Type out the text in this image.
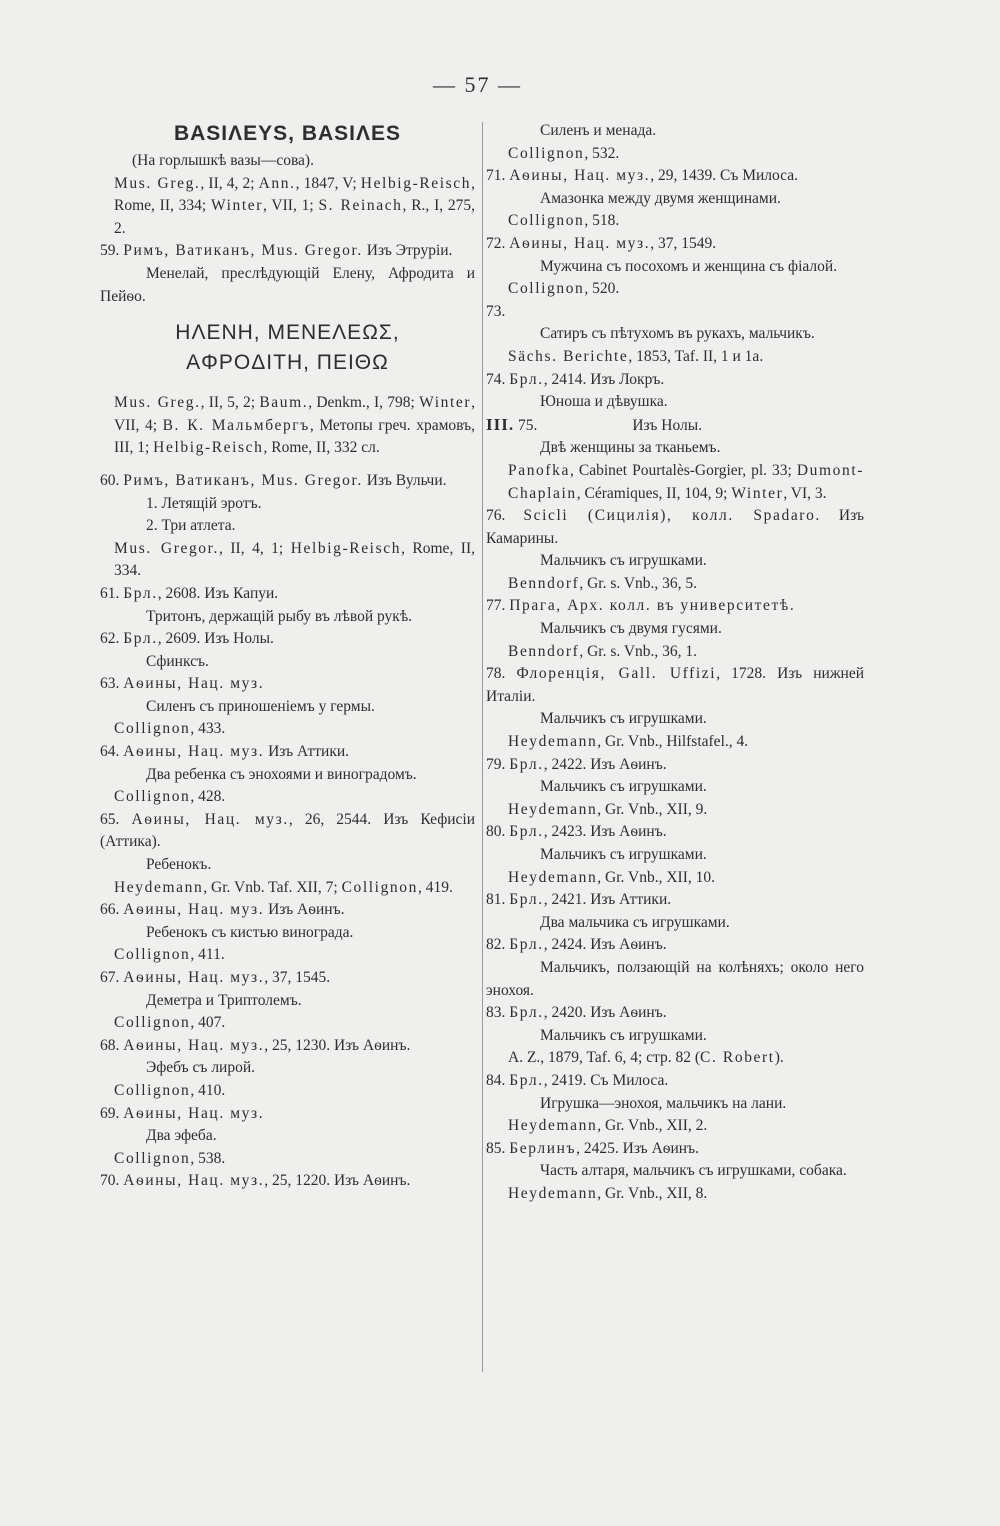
— 57 —

BASIΛEYS, BASIΛES

(На горлышкѣ вазы—сова).

Mus. Greg., II, 4, 2; Ann., 1847, V; Helbig-Reisch, Rome, II, 334; Winter, VII, 1; S. Reinach, R., I, 275, 2.

59. Римъ, Ватиканъ, Mus. Gregor. Изъ Этруріи.

Менелай, преслѣдующій Елену, Афродита и Пейѳо.

HΛENH, MENEΛEΩΣ,
AΦPOΔITH, ΠEIΘΩ

Mus. Greg., II, 5, 2; Baum., Denkm., I, 798; Winter, VII, 4; В. К. Мальмбергъ, Метопы греч. храмовъ, III, 1; Helbig-Reisch, Rome, II, 332 сл.

60. Римъ, Ватиканъ, Mus. Gregor. Изъ Вульчи.

1. Летящій эротъ.

2. Три атлета.

Mus. Gregor., II, 4, 1; Helbig-Reisch, Rome, II, 334.

61. Брл., 2608. Изъ Капуи.

Тритонъ, держащій рыбу въ лѣвой рукѣ.

62. Брл., 2609. Изъ Нолы.

Сфинксъ.

63. Аѳины, Нац. муз.

Силенъ съ приношеніемъ у гермы.

Collignon, 433.

64. Аѳины, Нац. муз. Изъ Аттики.

Два ребенка съ энохоями и виноградомъ.

Collignon, 428.

65. Аѳины, Нац. муз., 26, 2544. Изъ Кефисіи (Аттика).

Ребенокъ.

Heydemann, Gr. Vnb. Taf. XII, 7; Collignon, 419.

66. Аѳины, Нац. муз. Изъ Аѳинъ.

Ребенокъ съ кистью винограда.

Collignon, 411.

67. Аѳины, Нац. муз., 37, 1545.

Деметра и Триптолемъ.

Collignon, 407.

68. Аѳины, Нац. муз., 25, 1230. Изъ Аѳинъ.

Эфебъ съ лирой.

Collignon, 410.

69. Аѳины, Нац. муз.

Два эфеба.

Collignon, 538.

70. Аѳины, Нац. муз., 25, 1220. Изъ Аѳинъ.

Силенъ и менада.

Collignon, 532.

71. Аѳины, Нац. муз., 29, 1439. Съ Милоса.

Амазонка между двумя женщинами.

Collignon, 518.

72. Аѳины, Нац. муз., 37, 1549.

Мужчина съ посохомъ и женщина съ фіалой.

Collignon, 520.

73.

Сатиръ съ пѣтухомъ въ рукахъ, мальчикъ.

Sächs. Berichte, 1853, Taf. II, 1 и 1a.

74. Брл., 2414. Изъ Локръ.

Юноша и дѣвушка.

III. 75.	Изъ Нолы.

Двѣ женщины за тканьемъ.

Panofka, Cabinet Pourtalès-Gorgier, pl. 33; Dumont-Chaplain, Céramiques, II, 104, 9; Winter, VI, 3.

76. Scicli (Сицилія), колл. Spadaro. Изъ Камарины.

Мальчикъ съ игрушками.

Benndorf, Gr. s. Vnb., 36, 5.

77. Прага, Арх. колл. въ университетѣ.

Мальчикъ съ двумя гусями.

Benndorf, Gr. s. Vnb., 36, 1.

78. Флоренція, Gall. Uffizi, 1728. Изъ нижней Италіи.

Мальчикъ съ игрушками.

Heydemann, Gr. Vnb., Hilfstafel., 4.

79. Брл., 2422. Изъ Аѳинъ.

Мальчикъ съ игрушками.

Heydemann, Gr. Vnb., XII, 9.

80. Брл., 2423. Изъ Аѳинъ.

Мальчикъ съ игрушками.

Heydemann, Gr. Vnb., XII, 10.

81. Брл., 2421. Изъ Аттики.

Два мальчика съ игрушками.

82. Брл., 2424. Изъ Аѳинъ.

Мальчикъ, ползающій на колѣняхъ; около него энохоя.

83. Брл., 2420. Изъ Аѳинъ.

Мальчикъ съ игрушками.

A. Z., 1879, Taf. 6, 4; стр. 82 (C. Robert).

84. Брл., 2419. Съ Милоса.

Игрушка—энохоя, мальчикъ на лани.

Heydemann, Gr. Vnb., XII, 2.

85. Берлинъ, 2425. Изъ Аѳинъ.

Часть алтаря, мальчикъ съ игрушками, собака.

Heydemann, Gr. Vnb., XII, 8.
